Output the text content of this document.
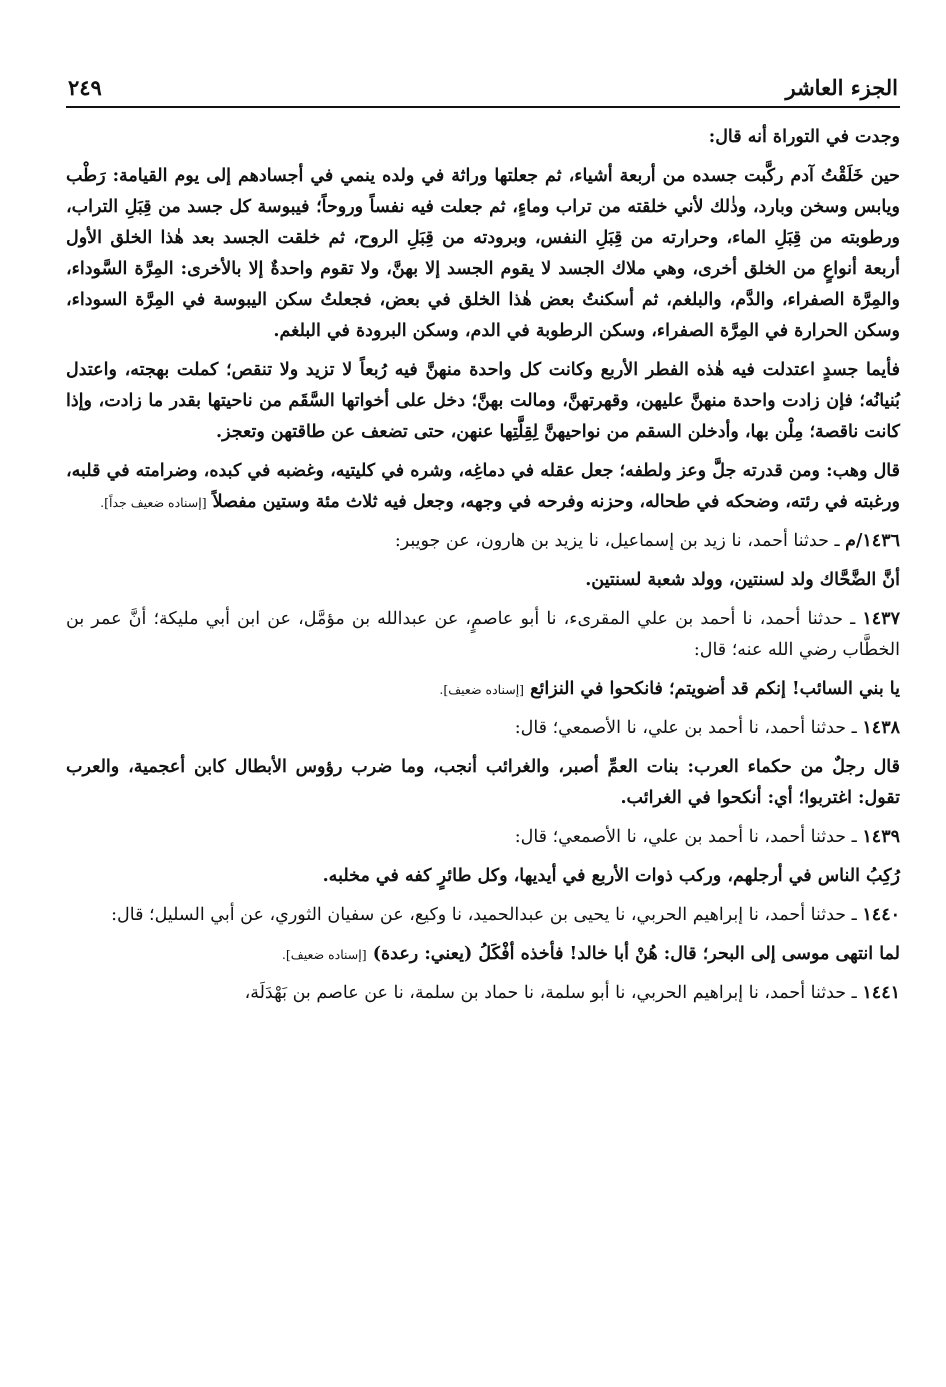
الجزء العاشر
٢٤٩

وجدت في التوراة أنه قال:

حين خَلَقْتُ آدم ركَّبت جسده من أربعة أشياء، ثم جعلتها وراثة في ولده ينمي في أجسادهم إلى يوم القيامة: رَطْب ويابس وسخن وبارد، وذٰلك لأني خلقته من تراب وماءٍ، ثم جعلت فيه نفساً وروحاً؛ فيبوسة كل جسد من قِبَلِ التراب، ورطوبته من قِبَلِ الماء، وحرارته من قِبَلِ النفس، وبرودته من قِبَلِ الروح، ثم خلقت الجسد بعد هٰذا الخلق الأول أربعة أنواعٍ من الخلق أخرى، وهي ملاك الجسد لا يقوم الجسد إلا بهنَّ، ولا تقوم واحدةٌ إلا بالأخرى: المِرَّة السَّوداء، والمِرَّة الصفراء، والدَّم، والبلغم، ثم أسكنتُ بعض هٰذا الخلق في بعض، فجعلتُ سكن اليبوسة في المِرَّة السوداء، وسكن الحرارة في المِرَّة الصفراء، وسكن الرطوبة في الدم، وسكن البرودة في البلغم.

فأيما جسدٍ اعتدلت فيه هٰذه الفطر الأربع وكانت كل واحدة منهنَّ فيه رُبعاً لا تزيد ولا تنقص؛ كملت بهجته، واعتدل بُنيانُه؛ فإن زادت واحدة منهنَّ عليهن، وقهرتهنَّ، ومالت بهنَّ؛ دخل على أخواتها السَّقَم من ناحيتها بقدر ما زادت، وإذا كانت ناقصة؛ مِلْن بها، وأدخلن السقم من نواحيهنَّ لِقِلَّتِها عنهن، حتى تضعف عن طاقتهن وتعجز.

قال وهب: ومن قدرته جلَّ وعز ولطفه؛ جعل عقله في دماغِه، وشره في كليتيه، وغضبه في كبده، وضرامته في قلبه، ورغبته في رئته، وضحكه في طحاله، وحزنه وفرحه في وجهه، وجعل فيه ثلاث مئة وستين مفصلاً [إسناده ضعيف جداً].

١٤٣٦/م ـ حدثنا أحمد، نا زيد بن إسماعيل، نا يزيد بن هارون، عن جويبر:

أنَّ الضَّحَّاك ولد لسنتين، وولد شعبة لسنتين.

١٤٣٧ ـ حدثنا أحمد، نا أحمد بن علي المقرىء، نا أبو عاصمٍ، عن عبدالله بن مؤمَّل، عن ابن أبي مليكة؛ أنَّ عمر بن الخطَّاب رضي الله عنه؛ قال:

يا بني السائب! إنكم قد أضويتم؛ فانكحوا في النزائع [إسناده ضعيف].

١٤٣٨ ـ حدثنا أحمد، نا أحمد بن علي، نا الأصمعي؛ قال:

قال رجلٌ من حكماء العرب: بنات العمِّ أصبر، والغرائب أنجب، وما ضرب رؤوس الأبطال كابن أعجمية، والعرب تقول: اغتربوا؛ أي: أنكحوا في الغرائب.

١٤٣٩ ـ حدثنا أحمد، نا أحمد بن علي، نا الأصمعي؛ قال:

رُكِبُ الناس في أرجلهم، وركب ذوات الأربع في أيديها، وكل طائرٍ كفه في مخلبه.

١٤٤٠ ـ حدثنا أحمد، نا إبراهيم الحربي، نا يحيى بن عبدالحميد، نا وكيع، عن سفيان الثوري، عن أبي السليل؛ قال:

لما انتهى موسى إلى البحر؛ قال: هُنْ أبا خالد! فأخذه أفْكَلُ (يعني: رعدة) [إسناده ضعيف].

١٤٤١ ـ حدثنا أحمد، نا إبراهيم الحربي، نا أبو سلمة، نا حماد بن سلمة، نا عن عاصم بن بَهْدَلَة،
